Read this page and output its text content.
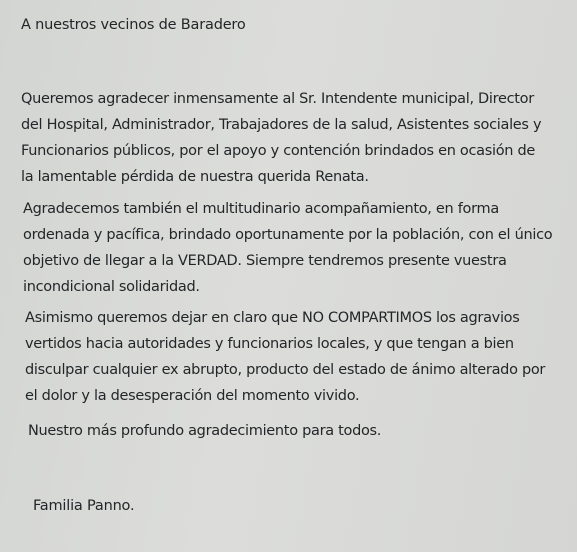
A nuestros vecinos de Baradero
Queremos agradecer inmensamente al Sr. Intendente municipal, Director
del Hospital, Administrador, Trabajadores de la salud, Asistentes sociales y
Funcionarios públicos, por el apoyo y contención brindados en ocasión de
la lamentable pérdida de nuestra querida Renata.
Agradecemos también el multitudinario acompañamiento, en forma
ordenada y pacífica, brindado oportunamente por la población, con el único
objetivo de llegar a la VERDAD. Siempre tendremos presente vuestra
incondicional solidaridad.
Asimismo queremos dejar en claro que NO COMPARTIMOS los agravios
vertidos hacia autoridades y funcionarios locales, y que tengan a bien
disculpar cualquier ex abrupto, producto del estado de ánimo alterado por
el dolor y la desesperación del momento vivido.
Nuestro más profundo agradecimiento para todos.
Familia Panno.
